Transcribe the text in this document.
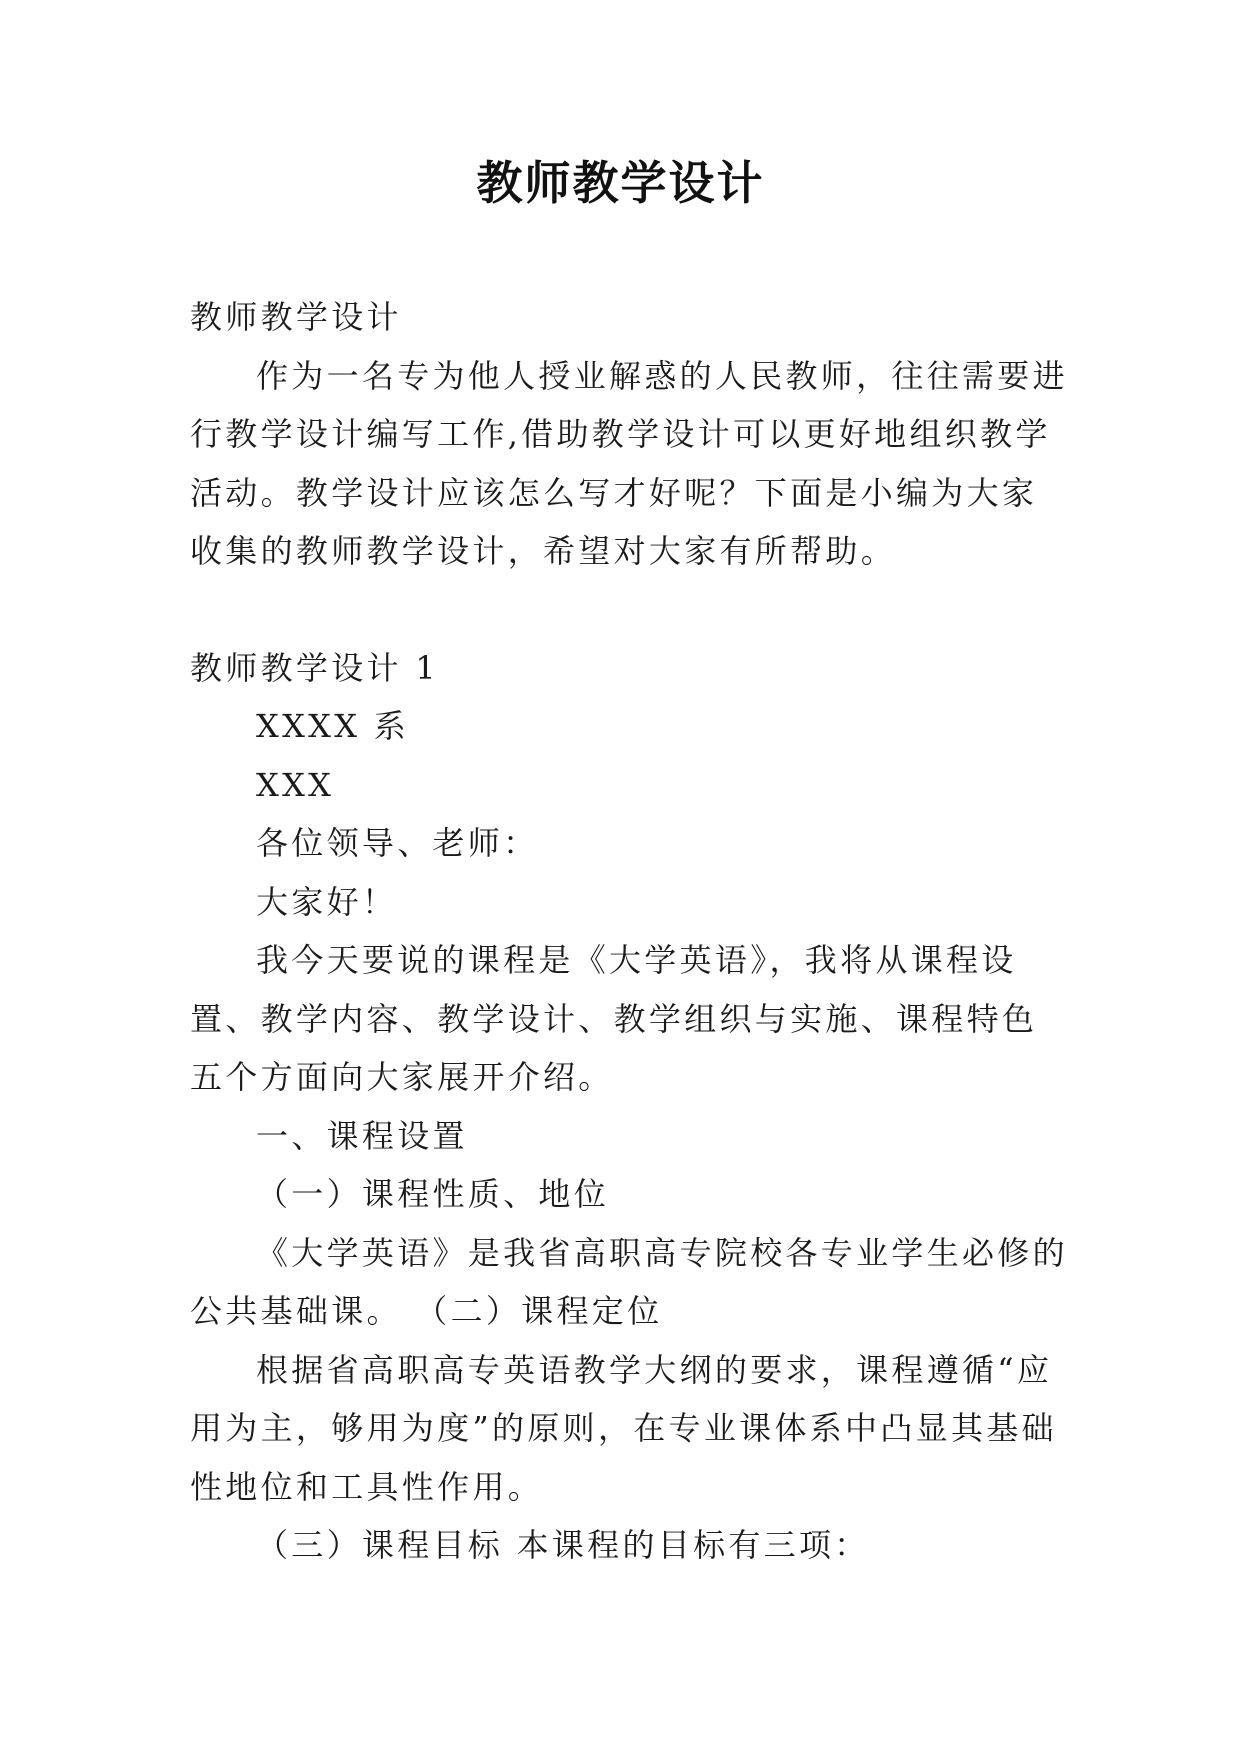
教师教学设计

教师教学设计

作为一名专为他人授业解惑的人民教师，往往需要进行教学设计编写工作,借助教学设计可以更好地组织教学活动。教学设计应该怎么写才好呢？下面是小编为大家收集的教师教学设计，希望对大家有所帮助。

教师教学设计 1

XXXX 系

XXX

各位领导、老师：

大家好！

我今天要说的课程是《大学英语》，我将从课程设置、教学内容、教学设计、教学组织与实施、课程特色五个方面向大家展开介绍。

一、课程设置

（一）课程性质、地位

《大学英语》是我省高职高专院校各专业学生必修的公共基础课。 （二）课程定位

根据省高职高专英语教学大纲的要求，课程遵循“应用为主，够用为度”的原则，在专业课体系中凸显其基础性地位和工具性作用。

（三）课程目标 本课程的目标有三项：
